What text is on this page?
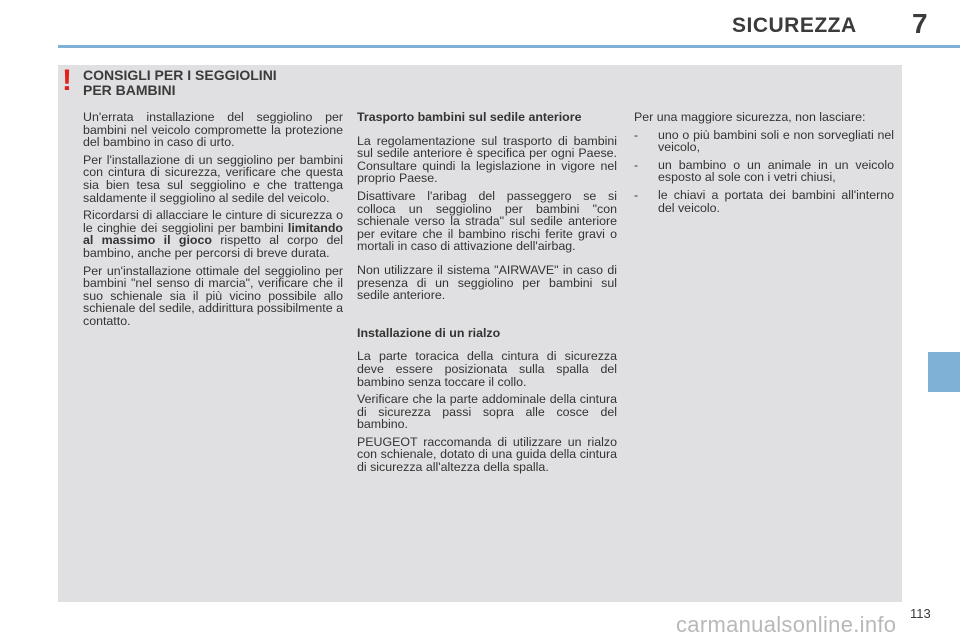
SICUREZZA 7
! CONSIGLI PER I SEGGIOLINI
PER BAMBINI

Un'errata installazione del seggiolino per bambini nel veicolo compromette la protezione del bambino in caso di urto.

Per l'installazione di un seggiolino per bambini con cintura di sicurezza, verificare che questa sia bien tesa sul seggiolino e che trattenga saldamente il seggiolino al sedile del veicolo.

Ricordarsi di allacciare le cinture di sicurezza o le cinghie dei seggiolini per bambini limitando al massimo il gioco rispetto al corpo del bambino, anche per percorsi di breve durata.

Per un'installazione ottimale del seggiolino per bambini "nel senso di marcia", verificare che il suo schienale sia il più vicino possibile allo schienale del sedile, addirittura possibilmente a contatto.

Trasporto bambini sul sedile anteriore

La regolamentazione sul trasporto di bambini sul sedile anteriore è specifica per ogni Paese. Consultare quindi la legislazione in vigore nel proprio Paese.

Disattivare l'aribag del passeggero se si colloca un seggiolino per bambini "con schienale verso la strada" sul sedile anteriore per evitare che il bambino rischi ferite gravi o mortali in caso di attivazione dell'airbag.

Non utilizzare il sistema "AIRWAVE" in caso di presenza di un seggiolino per bambini sul sedile anteriore.

Installazione di un rialzo

La parte toracica della cintura di sicurezza deve essere posizionata sulla spalla del bambino senza toccare il collo.

Verificare che la parte addominale della cintura di sicurezza passi sopra alle cosce del bambino.

PEUGEOT raccomanda di utilizzare un rialzo con schienale, dotato di una guida della cintura di sicurezza all'altezza della spalla.

Per una maggiore sicurezza, non lasciare:

-	uno o più bambini soli e non sorvegliati nel veicolo,
-	un bambino o un animale in un veicolo esposto al sole con i vetri chiusi,
-	le chiavi a portata dei bambini all'interno del veicolo.
113
carmanualsonline.info
